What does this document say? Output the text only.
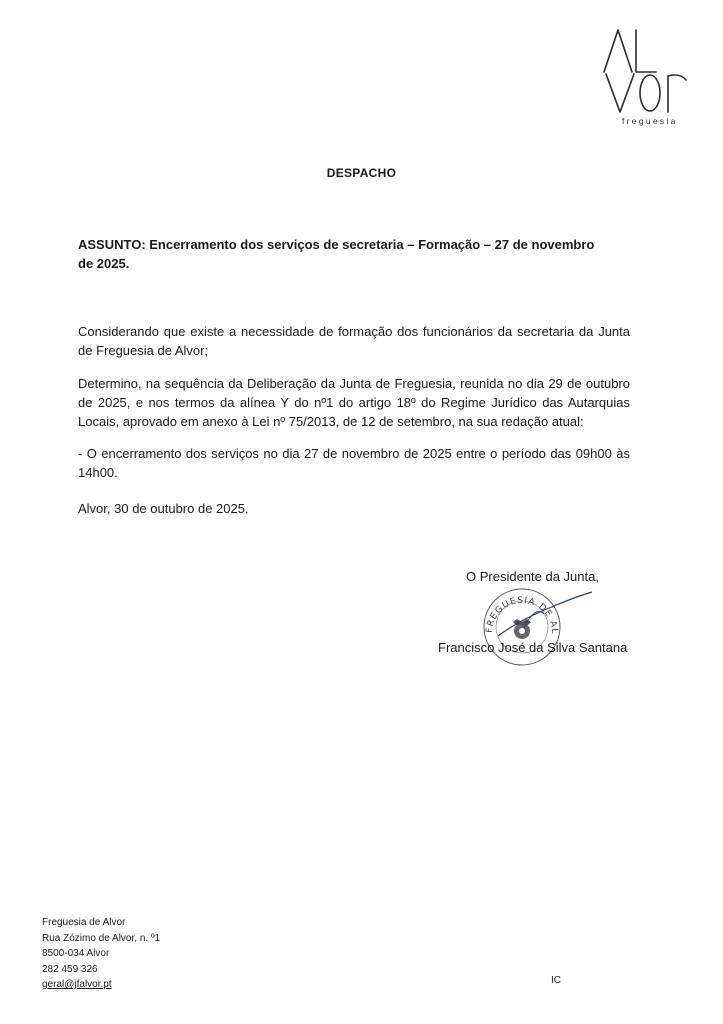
freguesia
DESPACHO
ASSUNTO: Encerramento dos serviços de secretaria – Formação – 27 de novembro de 2025.
Considerando que existe a necessidade de formação dos funcionários da secretaria da Junta de Freguesia de Alvor;
Determino, na sequência da Deliberação da Junta de Freguesia, reunida no dia 29 de outubro de 2025, e nos termos da alínea Y do nº1 do artigo 18º do Regime Jurídico das Autarquias Locais, aprovado em anexo à Lei nº 75/2013, de 12 de setembro, na sua redação atual:
- O encerramento dos serviços no dia 27 de novembro de 2025 entre o período das 09h00 às 14h00.
Alvor, 30 de outubro de 2025.
O Presidente da Junta,
FREGUESIA DE AL
Francisco José da Silva Santana
Freguesia de Alvor
Rua Zózimo de Alvor, n. º1
8500-034 Alvor
282 459 326
geral@jfalvor.pt	IC
